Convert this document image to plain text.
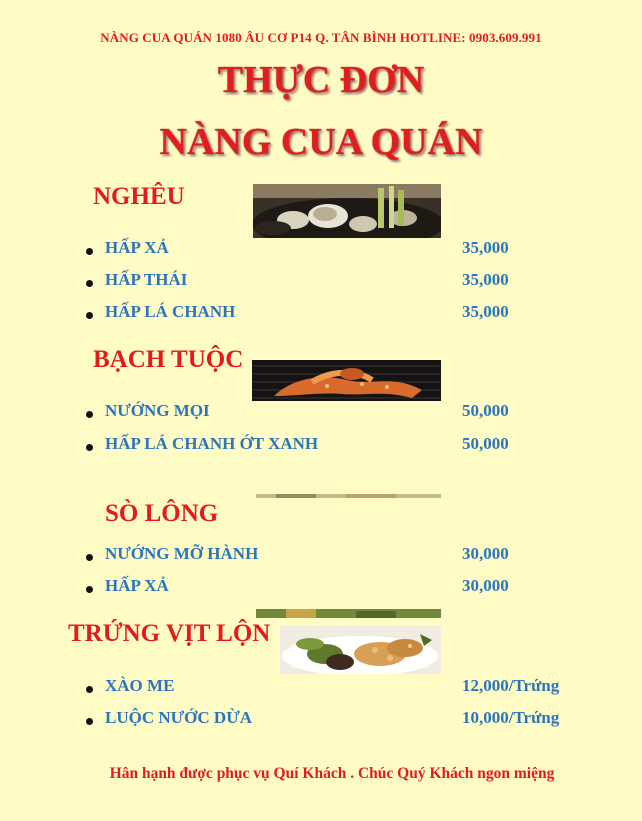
NÀNG CUA QUÁN 1080 ÂU CƠ P14 Q. TÂN BÌNH HOTLINE: 0903.609.991
THỰC ĐƠN
NÀNG CUA QUÁN
NGHÊU
HẤP XẢ	35,000
HẤP THÁI	35,000
HẤP LÁ CHANH	35,000
BẠCH TUỘC
NƯỚNG MỌI	50,000
HẤP LÁ CHANH ỚT XANH	50,000
SÒ LÔNG
NƯỚNG MỠ HÀNH	30,000
HẤP XẢ	30,000
TRỨNG VỊT LỘN
XÀO ME	12,000/Trứng
LUỘC NƯỚC DỪA	10,000/Trứng
Hân hạnh được phục vụ Quí Khách . Chúc Quý Khách ngon miệng
